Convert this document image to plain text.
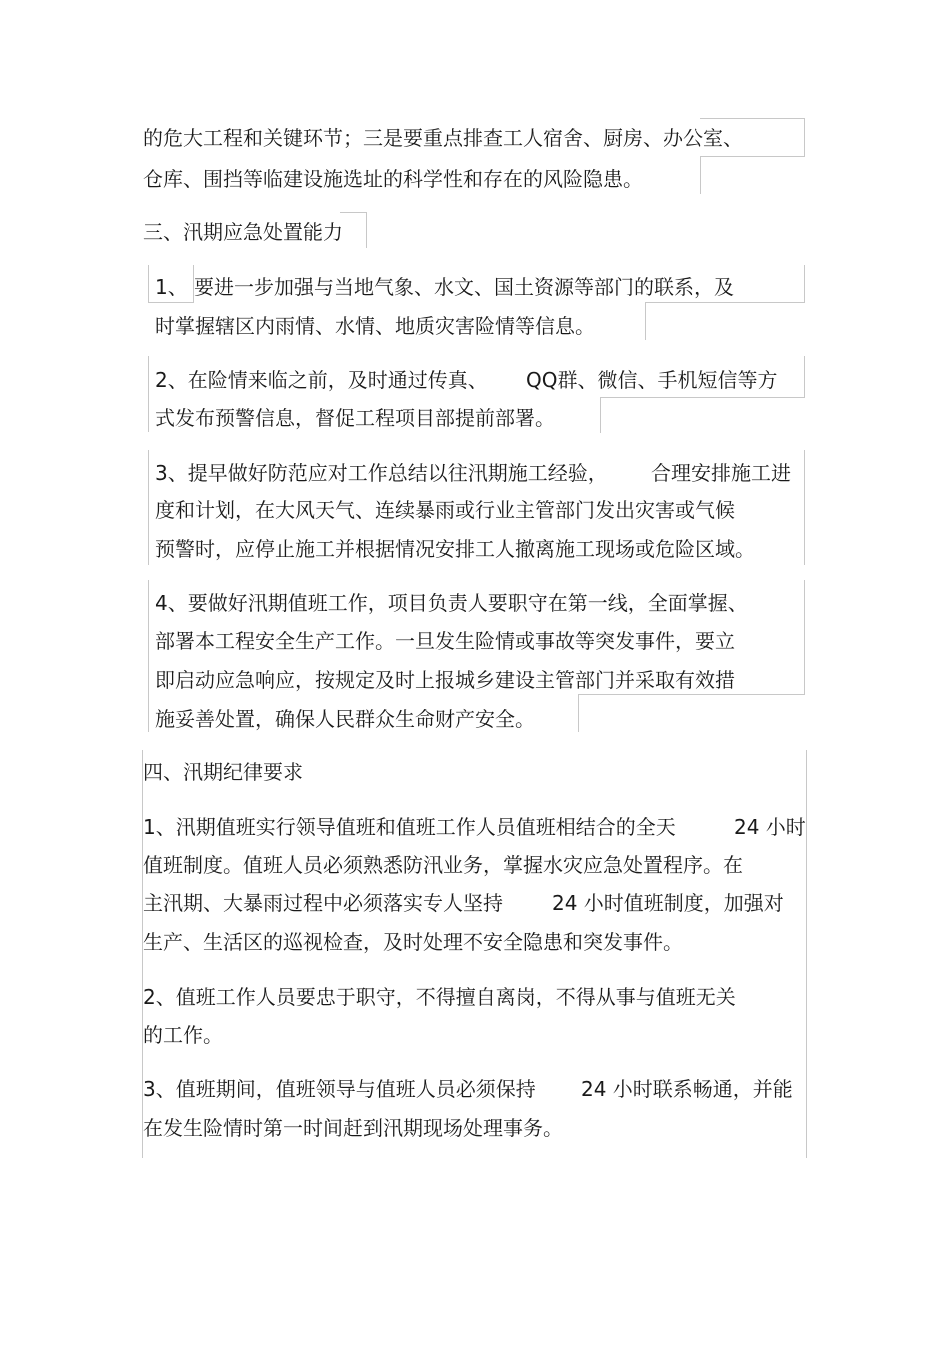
的危大工程和关键环节；三是要重点排查工人宿舍、厨房、办公室、
仓库、围挡等临建设施选址的科学性和存在的风险隐患。
三、汛期应急处置能力
1、 要进一步加强与当地气象、水文、国土资源等部门的联系，及
时掌握辖区内雨情、水情、地质灾害险情等信息。
2、在险情来临之前，及时通过传真、 QQ群、微信、手机短信等方
式发布预警信息，督促工程项目部提前部署。
3、提早做好防范应对工作总结以往汛期施工经验， 合理安排施工进
度和计划，在大风天气、连续暴雨或行业主管部门发出灾害或气候
预警时，应停止施工并根据情况安排工人撤离施工现场或危险区域。
4、要做好汛期值班工作，项目负责人要职守在第一线，全面掌握、
部署本工程安全生产工作。一旦发生险情或事故等突发事件，要立
即启动应急响应，按规定及时上报城乡建设主管部门并采取有效措
施妥善处置，确保人民群众生命财产安全。
四、汛期纪律要求
1、汛期值班实行领导值班和值班工作人员值班相结合的全天	24 小时
值班制度。值班人员必须熟悉防汛业务，掌握水灾应急处置程序。在
主汛期、大暴雨过程中必须落实专人坚持 24 小时值班制度，加强对
生产、生活区的巡视检查，及时处理不安全隐患和突发事件。
2、值班工作人员要忠于职守，不得擅自离岗，不得从事与值班无关
的工作。
3、值班期间，值班领导与值班人员必须保持 24 小时联系畅通，并能
在发生险情时第一时间赶到汛期现场处理事务。
